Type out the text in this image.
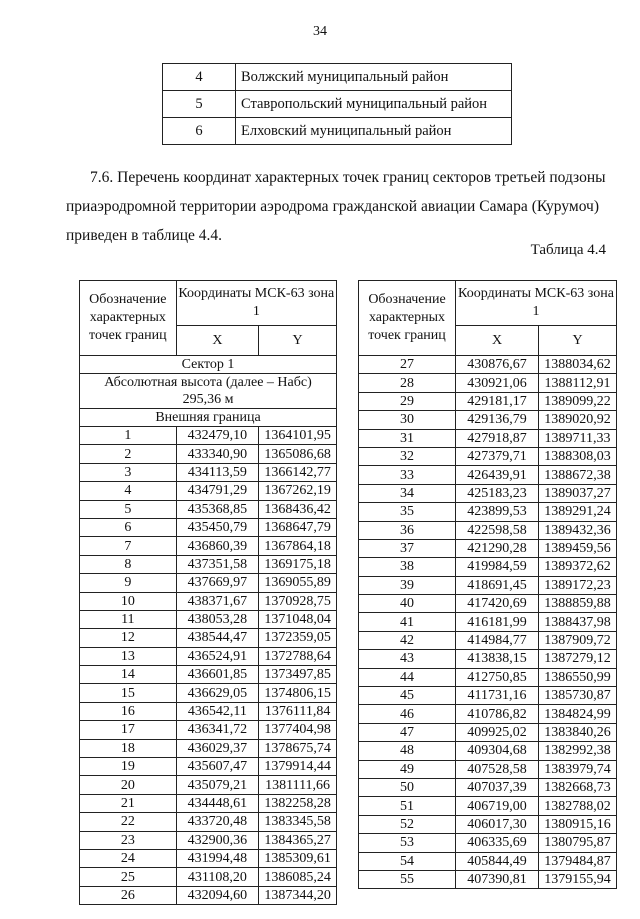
34
4	Волжский муниципальный район
5	Ставропольский муниципальный район
6	Елховский муниципальный район
7.6. Перечень координат характерных точек границ секторов третьей подзоны
приаэродромной территории аэродрома гражданской авиации Самара (Курумоч)
приведен в таблице 4.4.
Таблица 4.4
Обозначение характерных точек границ	Координаты МСК-63 зона 1	
	X	Y
Сектор 1		
Абсолютная высота (далее – Набс)
295,36 м		
Внешняя граница		
1	432479,10	1364101,95
2	433340,90	1365086,68
3	434113,59	1366142,77
4	434791,29	1367262,19
5	435368,85	1368436,42
6	435450,79	1368647,79
7	436860,39	1367864,18
8	437351,58	1369175,18
9	437669,97	1369055,89
10	438371,67	1370928,75
11	438053,28	1371048,04
12	438544,47	1372359,05
13	436524,91	1372788,64
14	436601,85	1373497,85
15	436629,05	1374806,15
16	436542,11	1376111,84
17	436341,72	1377404,98
18	436029,37	1378675,74
19	435607,47	1379914,44
20	435079,21	1381111,66
21	434448,61	1382258,28
22	433720,48	1383345,58
23	432900,36	1384365,27
24	431994,48	1385309,61
25	431108,20	1386085,24
26	432094,60	1387344,20
Обозначение характерных точек границ	Координаты МСК-63 зона 1	
	X	Y
27	430876,67	1388034,62
28	430921,06	1388112,91
29	429181,17	1389099,22
30	429136,79	1389020,92
31	427918,87	1389711,33
32	427379,71	1388308,03
33	426439,91	1388672,38
34	425183,23	1389037,27
35	423899,53	1389291,24
36	422598,58	1389432,36
37	421290,28	1389459,56
38	419984,59	1389372,62
39	418691,45	1389172,23
40	417420,69	1388859,88
41	416181,99	1388437,98
42	414984,77	1387909,72
43	413838,15	1387279,12
44	412750,85	1386550,99
45	411731,16	1385730,87
46	410786,82	1384824,99
47	409925,02	1383840,26
48	409304,68	1382992,38
49	407528,58	1383979,74
50	407037,39	1382668,73
51	406719,00	1382788,02
52	406017,30	1380915,16
53	406335,69	1380795,87
54	405844,49	1379484,87
55	407390,81	1379155,94
